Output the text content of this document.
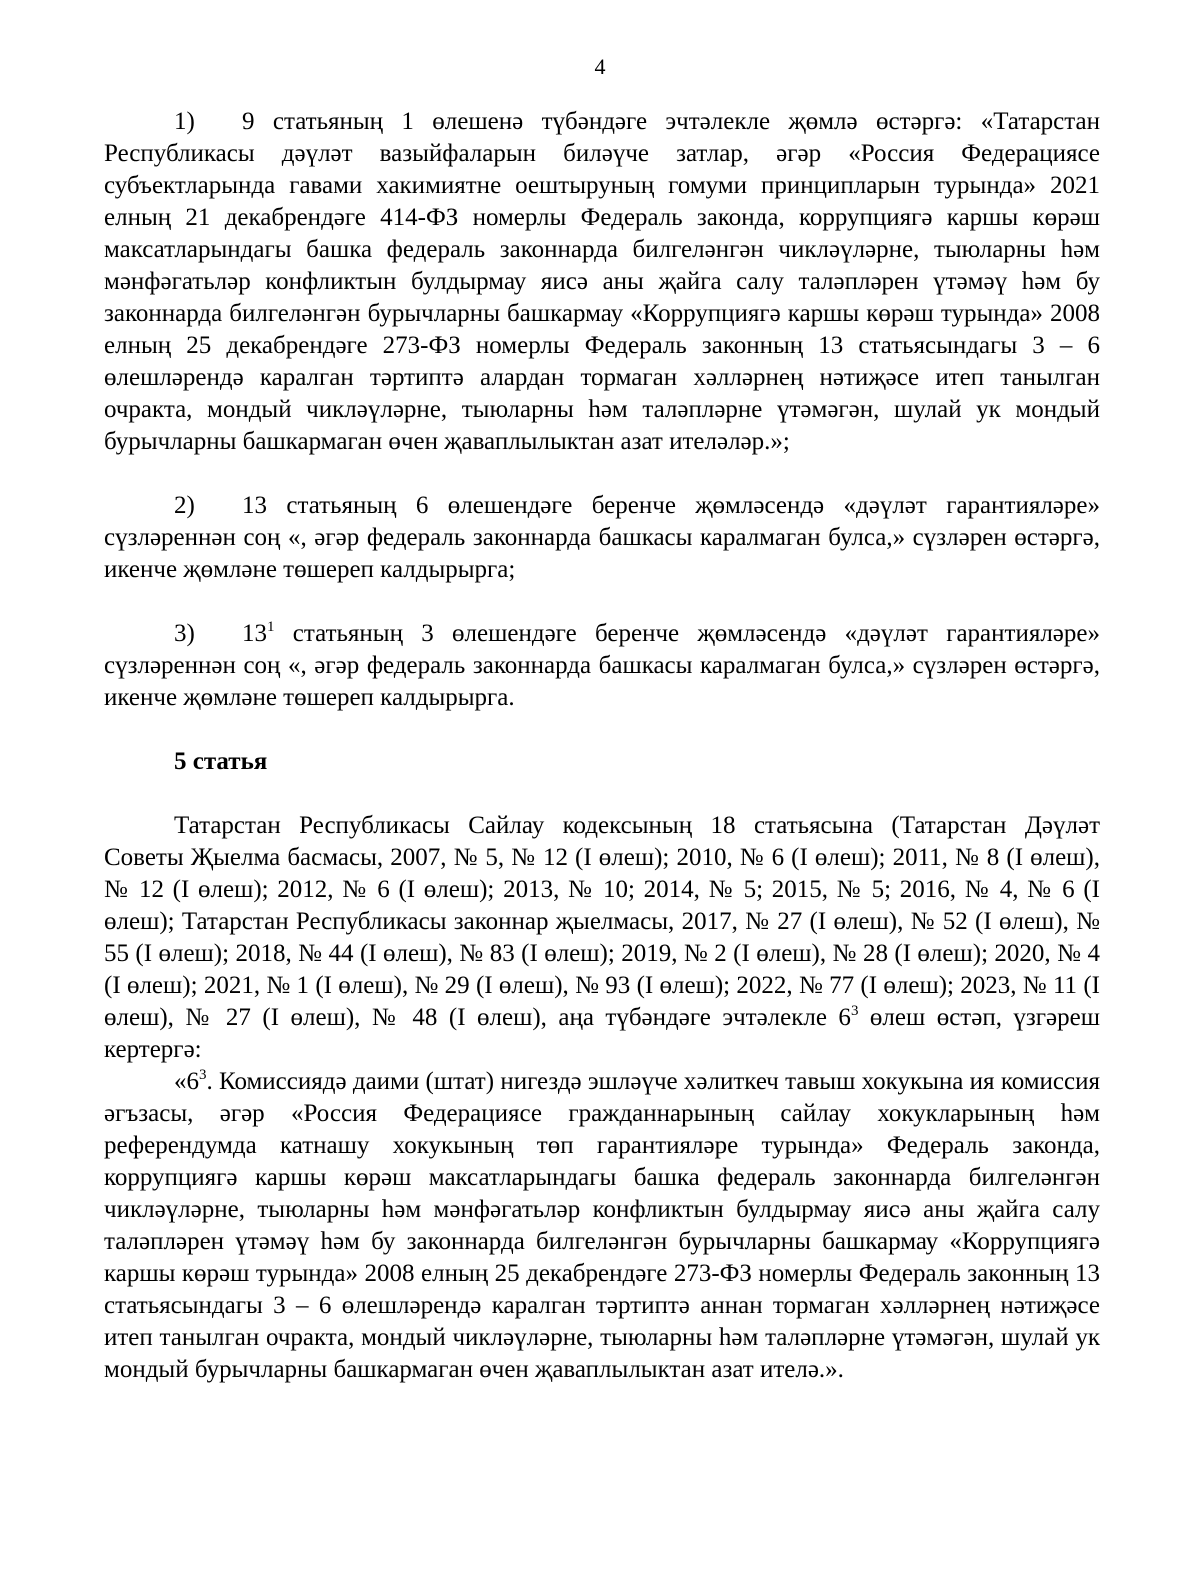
4

1) 9 статьяның 1 өлешенә түбәндәге эчтәлекле җөмлә өстәргә: «Татарстан Республикасы дәүләт вазыйфаларын биләүче затлар, әгәр «Россия Федерациясе субъектларында гавами хакимиятне оештыруның гомуми принципларын турында» 2021 елның 21 декабрендәге 414-ФЗ номерлы Федераль законда, коррупциягә каршы көрәш максатларындагы башка федераль законнарда билгеләнгән чикләүләрне, тыюларны һәм мәнфәгатьләр конфликтын булдырмау яисә аны җайга салу таләпләрен үтәмәү һәм бу законнарда билгеләнгән бурычларны башкармау «Коррупциягә каршы көрәш турында» 2008 елның 25 декабрендәге 273-ФЗ номерлы Федераль законның 13 статьясындагы 3 – 6 өлешләрендә каралган тәртиптә алардан тормаган хәлләрнең нәтиҗәсе итеп танылган очракта, мондый чикләүләрне, тыюларны һәм таләпләрне үтәмәгән, шулай ук мондый бурычларны башкармаган өчен җаваплылыктан азат ителәләр.»;

2) 13 статьяның 6 өлешендәге беренче җөмләсендә «дәүләт гарантияләре» сүзләреннән соң «, әгәр федераль законнарда башкасы каралмаган булса,» сүзләрен өстәргә, икенче җөмләне төшереп калдырырга;

3) $13^1$ статьяның 3 өлешендәге беренче җөмләсендә «дәүләт гарантияләре» сүзләреннән соң «, әгәр федераль законнарда башкасы каралмаган булса,» сүзләрен өстәргә, икенче җөмләне төшереп калдырырга.

5 статья

Татарстан Республикасы Сайлау кодексының 18 статьясына (Татарстан Дәүләт Советы Җыелма басмасы, 2007, № 5, № 12 (I өлеш); 2010, № 6 (I өлеш); 2011, № 8 (I өлеш), № 12 (I өлеш); 2012, № 6 (I өлеш); 2013, № 10; 2014, № 5; 2015, № 5; 2016, № 4, № 6 (I өлеш); Татарстан Республикасы законнар җыелмасы, 2017, № 27 (I өлеш), № 52 (I өлеш), № 55 (I өлеш); 2018, № 44 (I өлеш), № 83 (I өлеш); 2019, № 2 (I өлеш), № 28 (I өлеш); 2020, № 4 (I өлеш); 2021, № 1 (I өлеш), № 29 (I өлеш), № 93 (I өлеш); 2022, № 77 (I өлеш); 2023, № 11 (I өлеш), № 27 (I өлеш), № 48 (I өлеш), аңа түбәндәге эчтәлекле $6^3$ өлеш өстәп, үзгәреш кертергә:

«$6^3$. Комиссиядә даими (штат) нигездә эшләүче хәлиткеч тавыш хокукына ия комиссия әгъзасы, әгәр «Россия Федерациясе гражданнарының сайлау хокукларының һәм референдумда катнашу хокукының төп гарантияләре турында» Федераль законда, коррупциягә каршы көрәш максатларындагы башка федераль законнарда билгеләнгән чикләүләрне, тыюларны һәм мәнфәгатьләр конфликтын булдырмау яисә аны җайга салу таләпләрен үтәмәү һәм бу законнарда билгеләнгән бурычларны башкармау «Коррупциягә каршы көрәш турында» 2008 елның 25 декабрендәге 273-ФЗ номерлы Федераль законның 13 статьясындагы 3 – 6 өлешләрендә каралган тәртиптә аннан тормаган хәлләрнең нәтиҗәсе итеп танылган очракта, мондый чикләүләрне, тыюларны һәм таләпләрне үтәмәгән, шулай ук мондый бурычларны башкармаган өчен җаваплылыктан азат ителә.».
